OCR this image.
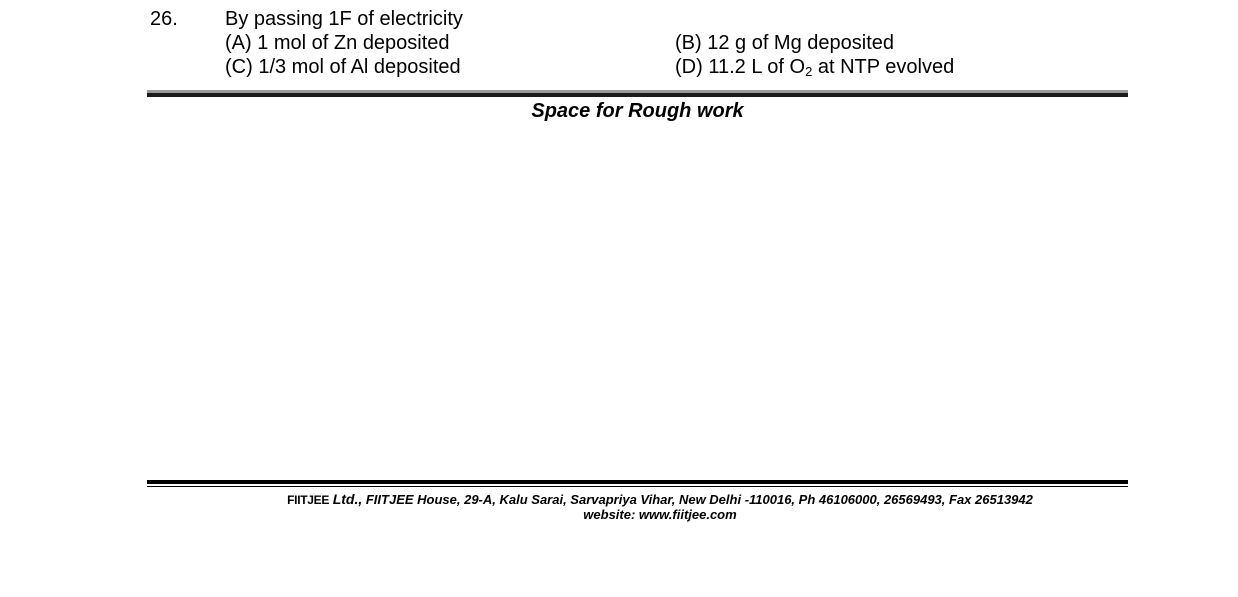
26. By passing 1F of electricity
(A) 1 mol of Zn deposited	(B) 12 g of Mg deposited
(C) 1/3 mol of Al deposited	(D) 11.2 L of $O_2$ at NTP evolved
Space for Rough work
FIITJEE Ltd., FIITJEE House, 29-A, Kalu Sarai, Sarvapriya Vihar, New Delhi -110016, Ph 46106000, 26569493, Fax 26513942
website: www.fiitjee.com
